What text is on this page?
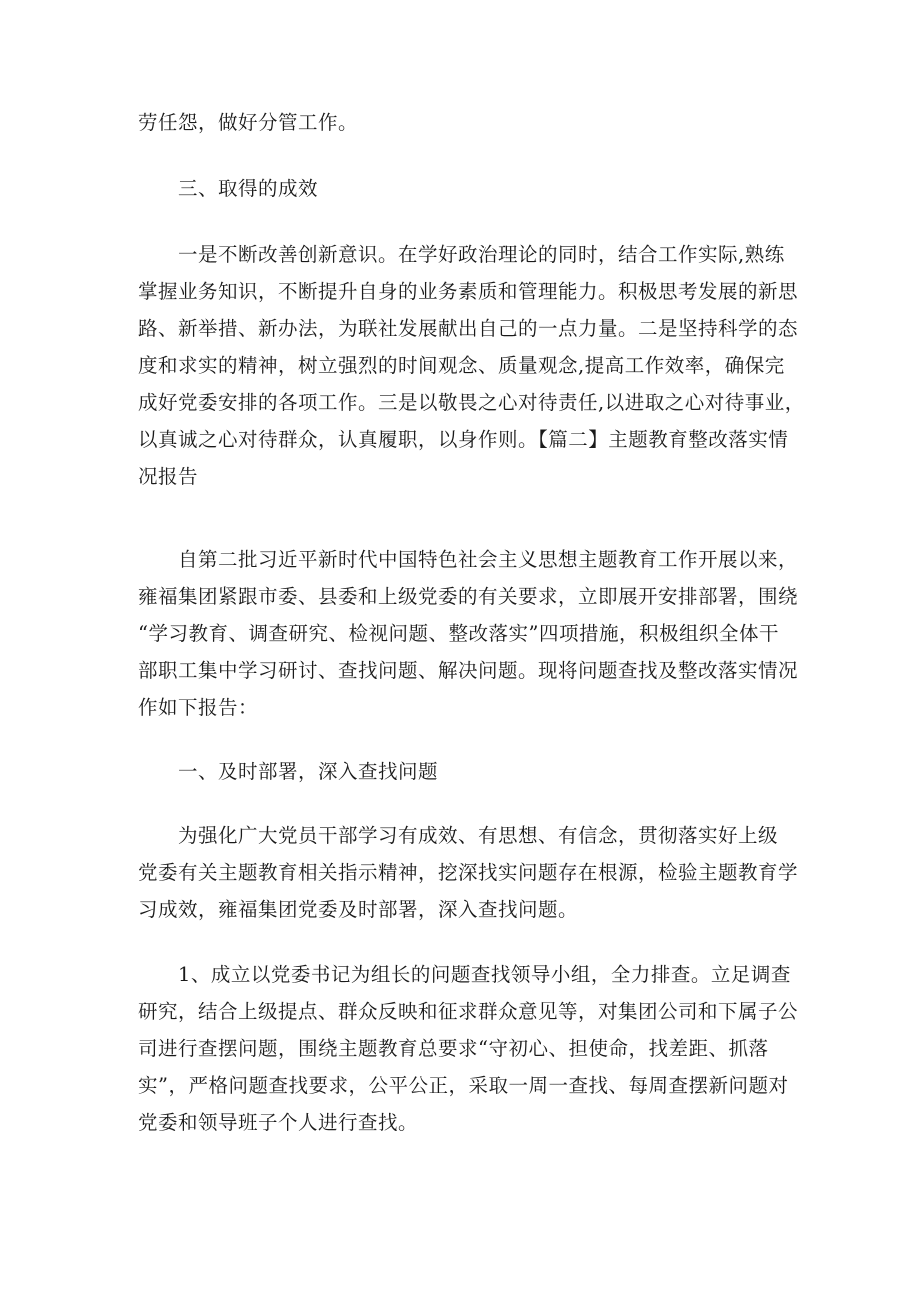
劳任怨，做好分管工作。
三、取得的成效
一是不断改善创新意识。在学好政治理论的同时，结合工作实际,熟练
掌握业务知识，不断提升自身的业务素质和管理能力。积极思考发展的新思
路、新举措、新办法，为联社发展献出自己的一点力量。二是坚持科学的态
度和求实的精神，树立强烈的时间观念、质量观念,提高工作效率，确保完
成好党委安排的各项工作。三是以敬畏之心对待责任,以进取之心对待事业，
以真诚之心对待群众，认真履职，以身作则。【篇二】主题教育整改落实情
况报告
自第二批习近平新时代中国特色社会主义思想主题教育工作开展以来，
雍福集团紧跟市委、县委和上级党委的有关要求，立即展开安排部署，围绕
“学习教育、调查研究、检视问题、整改落实”四项措施，积极组织全体干
部职工集中学习研讨、查找问题、解决问题。现将问题查找及整改落实情况
作如下报告：
一、及时部署，深入查找问题
为强化广大党员干部学习有成效、有思想、有信念，贯彻落实好上级
党委有关主题教育相关指示精神，挖深找实问题存在根源，检验主题教育学
习成效，雍福集团党委及时部署，深入查找问题。
1、成立以党委书记为组长的问题查找领导小组，全力排查。立足调查
研究，结合上级提点、群众反映和征求群众意见等，对集团公司和下属子公
司进行查摆问题，围绕主题教育总要求“守初心、担使命，找差距、抓落
实”，严格问题查找要求，公平公正，采取一周一查找、每周查摆新问题对
党委和领导班子个人进行查找。
